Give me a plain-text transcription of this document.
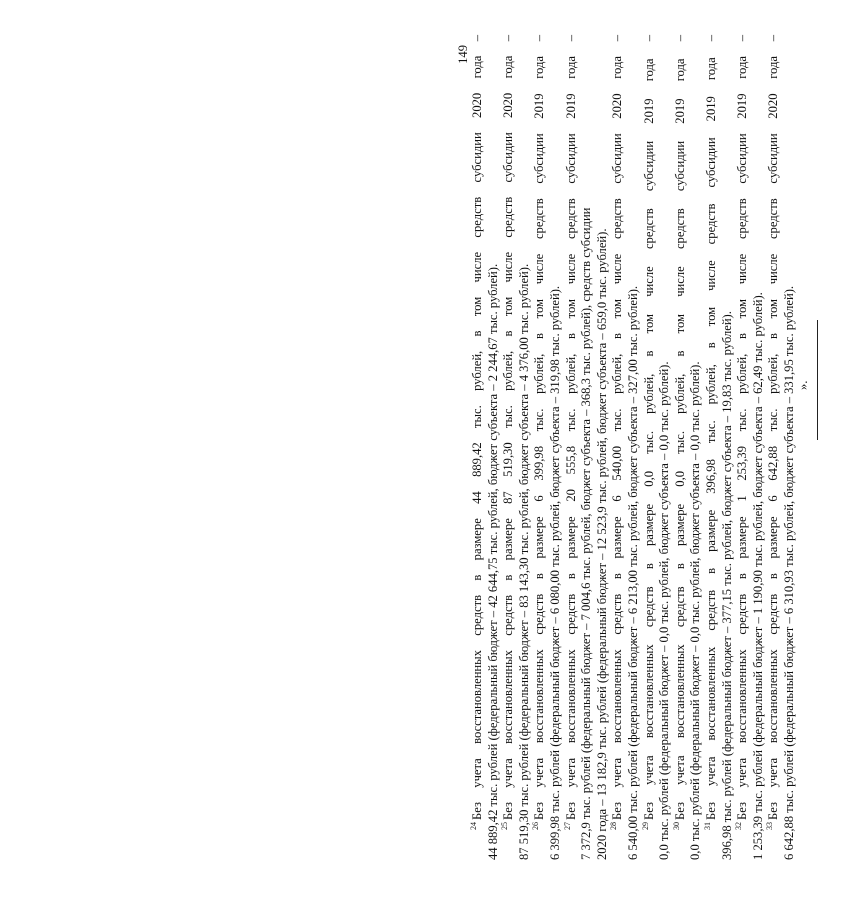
149
$^{24}$Без учета восстановленных средств в размере 44 889,42 тыс. рублей, в том числе средств субсидии 2020 года – 44 889,42 тыс. рублей (федеральный бюджет – 42 644,75 тыс. рублей, бюджет субъекта – 2 244,67 тыс. рублей). $^{25}$Без учета восстановленных средств в размере 87 519,30 тыс. рублей, в том числе средств субсидии 2020 года – 87 519,30 тыс. рублей (федеральный бюджет – 83 143,30 тыс. рублей, бюджет субъекта – 4 376,00 тыс. рублей). $^{26}$Без учета восстановленных средств в размере 6 399,98 тыс. рублей, в том числе средств субсидии 2019 года – 6 399,98 тыс. рублей (федеральный бюджет – 6 080,00 тыс. рублей, бюджет субъекта – 319,98 тыс. рублей). $^{27}$Без учета восстановленных средств в размере 20 555,8 тыс. рублей, в том числе средств субсидии 2019 года – 7 372,9 тыс. рублей (федеральный бюджет – 7 004,6 тыс. рублей, бюджет субъекта – 368,3 тыс. рублей), средств субсидии 2020 года – 13 182,9 тыс. рублей (федеральный бюджет – 12 523,9 тыс. рублей, бюджет субъекта – 659,0 тыс. рублей). $^{28}$Без учета восстановленных средств в размере 6 540,00 тыс. рублей, в том числе средств субсидии 2020 года – 6 540,00 тыс. рублей (федеральный бюджет – 6 213,00 тыс. рублей, бюджет субъекта – 327,00 тыс. рублей). $^{29}$Без учета восстановленных средств в размере 0,0 тыс. рублей, в том числе средств субсидии 2019 года – 0,0 тыс. рублей (федеральный бюджет – 0,0 тыс. рублей, бюджет субъекта – 0,0 тыс. рублей). $^{30}$Без учета восстановленных средств в размере 0,0 тыс. рублей, в том числе средств субсидии 2019 года – 0,0 тыс. рублей (федеральный бюджет – 0,0 тыс. рублей, бюджет субъекта – 0,0 тыс. рублей). $^{31}$Без учета восстановленных средств в размере 396,98 тыс. рублей, в том числе средств субсидии 2019 года – 396,98 тыс. рублей (федеральный бюджет – 377,15 тыс. рублей, бюджет субъекта – 19,83 тыс. рублей). $^{32}$Без учета восстановленных средств в размере 1 253,39 тыс. рублей, в том числе средств субсидии 2019 года – 1 253,39 тыс. рублей (федеральный бюджет – 1 190,90 тыс. рублей, бюджет субъекта – 62,49 тыс. рублей). $^{33}$Без учета восстановленных средств в размере 6 642,88 тыс. рублей, в том числе средств субсидии 2020 года – 6 642,88 тыс. рублей (федеральный бюджет – 6 310,93 тыс. рублей, бюджет субъекта – 331,95 тыс. рублей). ».
